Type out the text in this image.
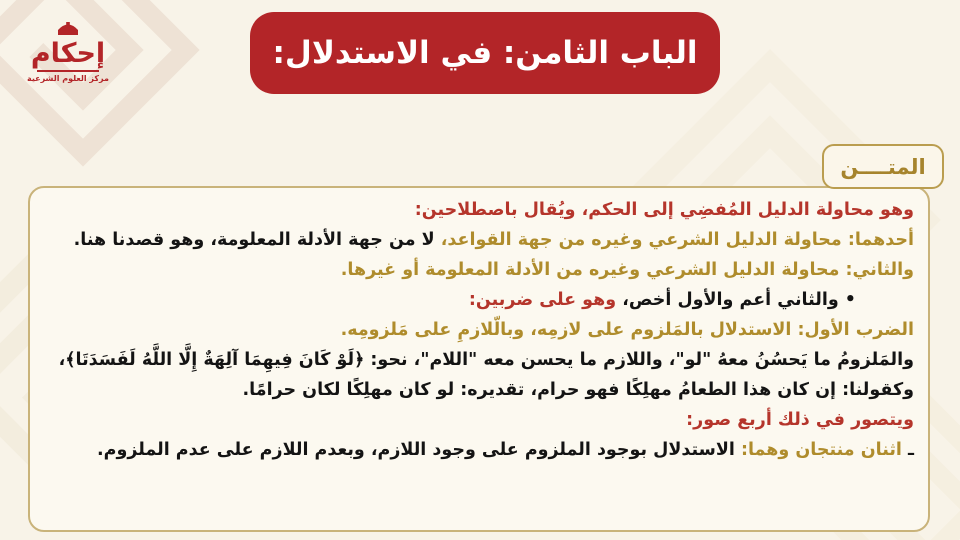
الباب الثامن: في الاستدلال:
إحكام
مركز العلوم الشرعية
المتــــن
وهو محاولة الدليل المُفضِي إلى الحكم، ويُقال باصطلاحين:
أحدهما: محاولة الدليل الشرعي وغيره من جهة القواعد، لا من جهة الأدلة المعلومة، وهو قصدنا هنا.
والثاني: محاولة الدليل الشرعي وغيره من الأدلة المعلومة أو غيرها.
• والثاني أعم والأول أخص، وهو على ضربين:
الضرب الأول: الاستدلال بالمَلزوم على لازمِه، وبالّلازمِ على مَلزومِه.
والمَلزومُ ما يَحسُنُ معهُ "لو"، واللازم ما يحسن معه "اللام"، نحو: ﴿لَوْ كَانَ فِيهِمَا آلِهَةٌ إِلَّا اللَّهُ لَفَسَدَتَا﴾، وكقولنا: إن كان هذا الطعامُ مهلِكًا فهو حرام، تقديره: لو كان مهلِكًا لكان حرامًا.
ويتصور في ذلك أربع صور:
ـ اثنان منتجان وهما: الاستدلال بوجود الملزوم على وجود اللازم، وبعدم اللازم على عدم الملزوم.
